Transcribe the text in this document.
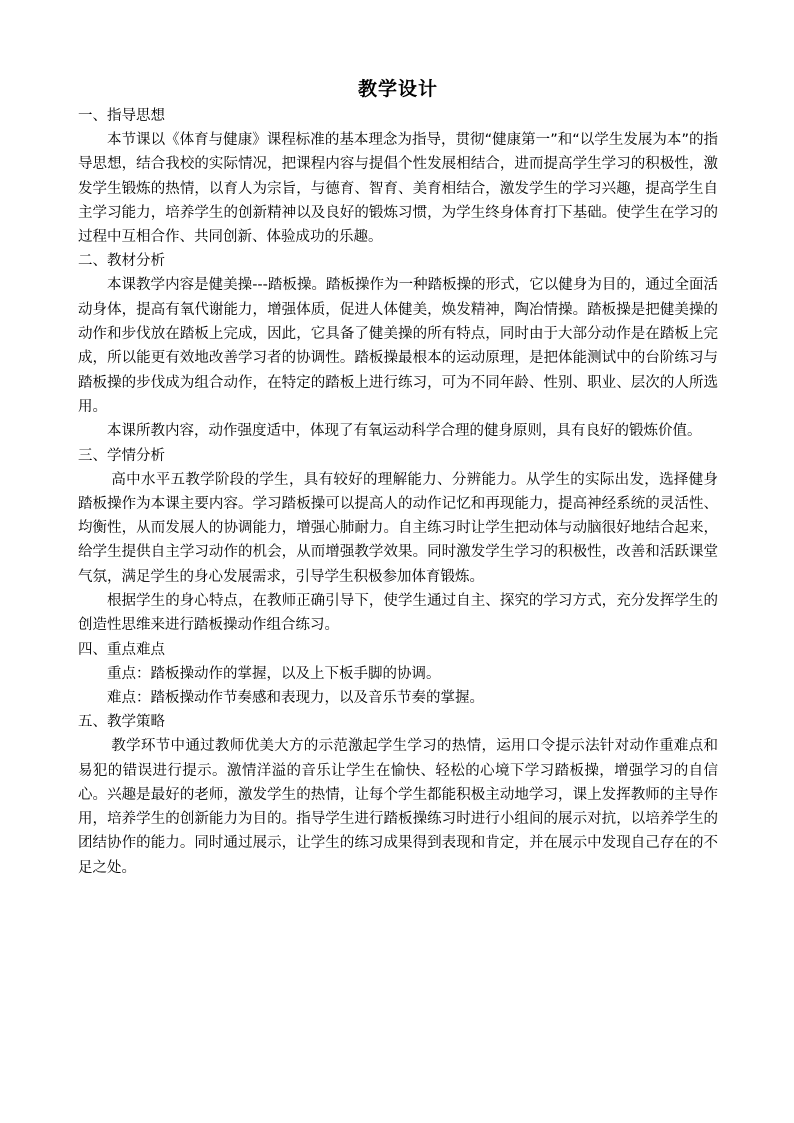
教学设计

一、指导思想

本节课以《体育与健康》课程标准的基本理念为指导，贯彻“健康第一”和“以学生发展为本”的指导思想，结合我校的实际情况，把课程内容与提倡个性发展相结合，进而提高学生学习的积极性，激发学生锻炼的热情，以育人为宗旨，与德育、智育、美育相结合，激发学生的学习兴趣，提高学生自主学习能力，培养学生的创新精神以及良好的锻炼习惯，为学生终身体育打下基础。使学生在学习的过程中互相合作、共同创新、体验成功的乐趣。

二、教材分析

本课教学内容是健美操---踏板操。踏板操作为一种踏板操的形式，它以健身为目的，通过全面活动身体，提高有氧代谢能力，增强体质，促进人体健美，焕发精神，陶冶情操。踏板操是把健美操的动作和步伐放在踏板上完成，因此，它具备了健美操的所有特点，同时由于大部分动作是在踏板上完成，所以能更有效地改善学习者的协调性。踏板操最根本的运动原理，是把体能测试中的台阶练习与踏板操的步伐成为组合动作，在特定的踏板上进行练习，可为不同年龄、性别、职业、层次的人所选用。

本课所教内容，动作强度适中，体现了有氧运动科学合理的健身原则，具有良好的锻炼价值。

三、学情分析

高中水平五教学阶段的学生，具有较好的理解能力、分辨能力。从学生的实际出发，选择健身踏板操作为本课主要内容。学习踏板操可以提高人的动作记忆和再现能力，提高神经系统的灵活性、均衡性，从而发展人的协调能力，增强心肺耐力。自主练习时让学生把动体与动脑很好地结合起来，给学生提供自主学习动作的机会，从而增强教学效果。同时激发学生学习的积极性，改善和活跃课堂气氛，满足学生的身心发展需求，引导学生积极参加体育锻炼。

根据学生的身心特点，在教师正确引导下，使学生通过自主、探究的学习方式，充分发挥学生的创造性思维来进行踏板操动作组合练习。

四、重点难点

重点：踏板操动作的掌握，以及上下板手脚的协调。

难点：踏板操动作节奏感和表现力，以及音乐节奏的掌握。

五、教学策略

教学环节中通过教师优美大方的示范激起学生学习的热情，运用口令提示法针对动作重难点和易犯的错误进行提示。激情洋溢的音乐让学生在愉快、轻松的心境下学习踏板操，增强学习的自信心。兴趣是最好的老师，激发学生的热情，让每个学生都能积极主动地学习，课上发挥教师的主导作用，培养学生的创新能力为目的。指导学生进行踏板操练习时进行小组间的展示对抗，以培养学生的团结协作的能力。同时通过展示，让学生的练习成果得到表现和肯定，并在展示中发现自己存在的不足之处。
